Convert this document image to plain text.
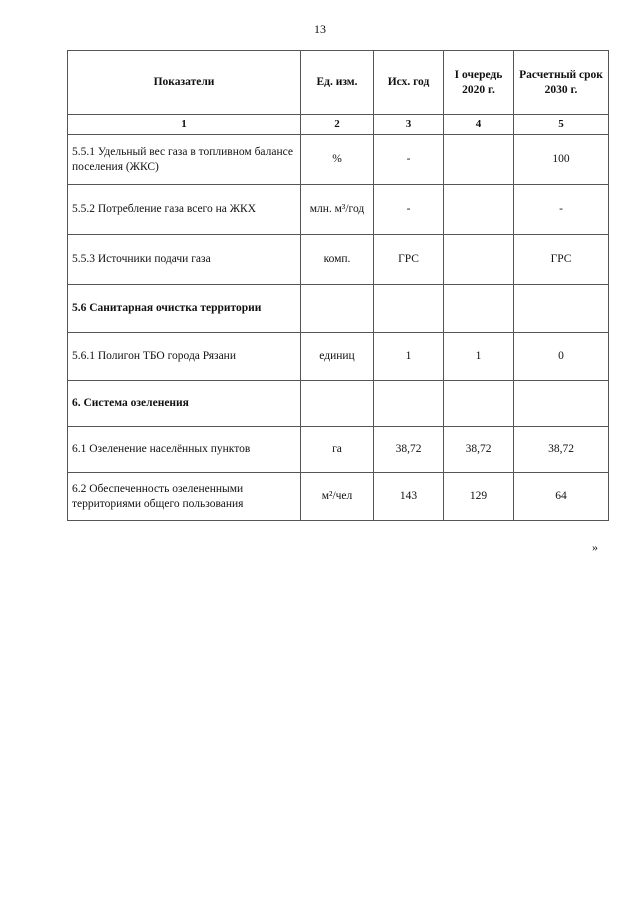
13
Показатели	Ед. изм.	Исх. год	I очередь 2020 г.	Расчетный срок 2030 г.
1	2	3	4	5
5.5.1 Удельный вес газа в топливном балансе поселения (ЖКС)	%	-		100
5.5.2 Потребление газа всего на ЖКХ	млн. м³/год	-		-
5.5.3 Источники подачи газа	комп.	ГРС		ГРС
5.6 Санитарная очистка территории				
5.6.1 Полигон ТБО города Рязани	единиц	1	1	0
6. Система озеленения				
6.1 Озеленение населённых пунктов	га	38,72	38,72	38,72
6.2 Обеспеченность озелененными территориями общего пользования	м²/чел	143	129	64
»
